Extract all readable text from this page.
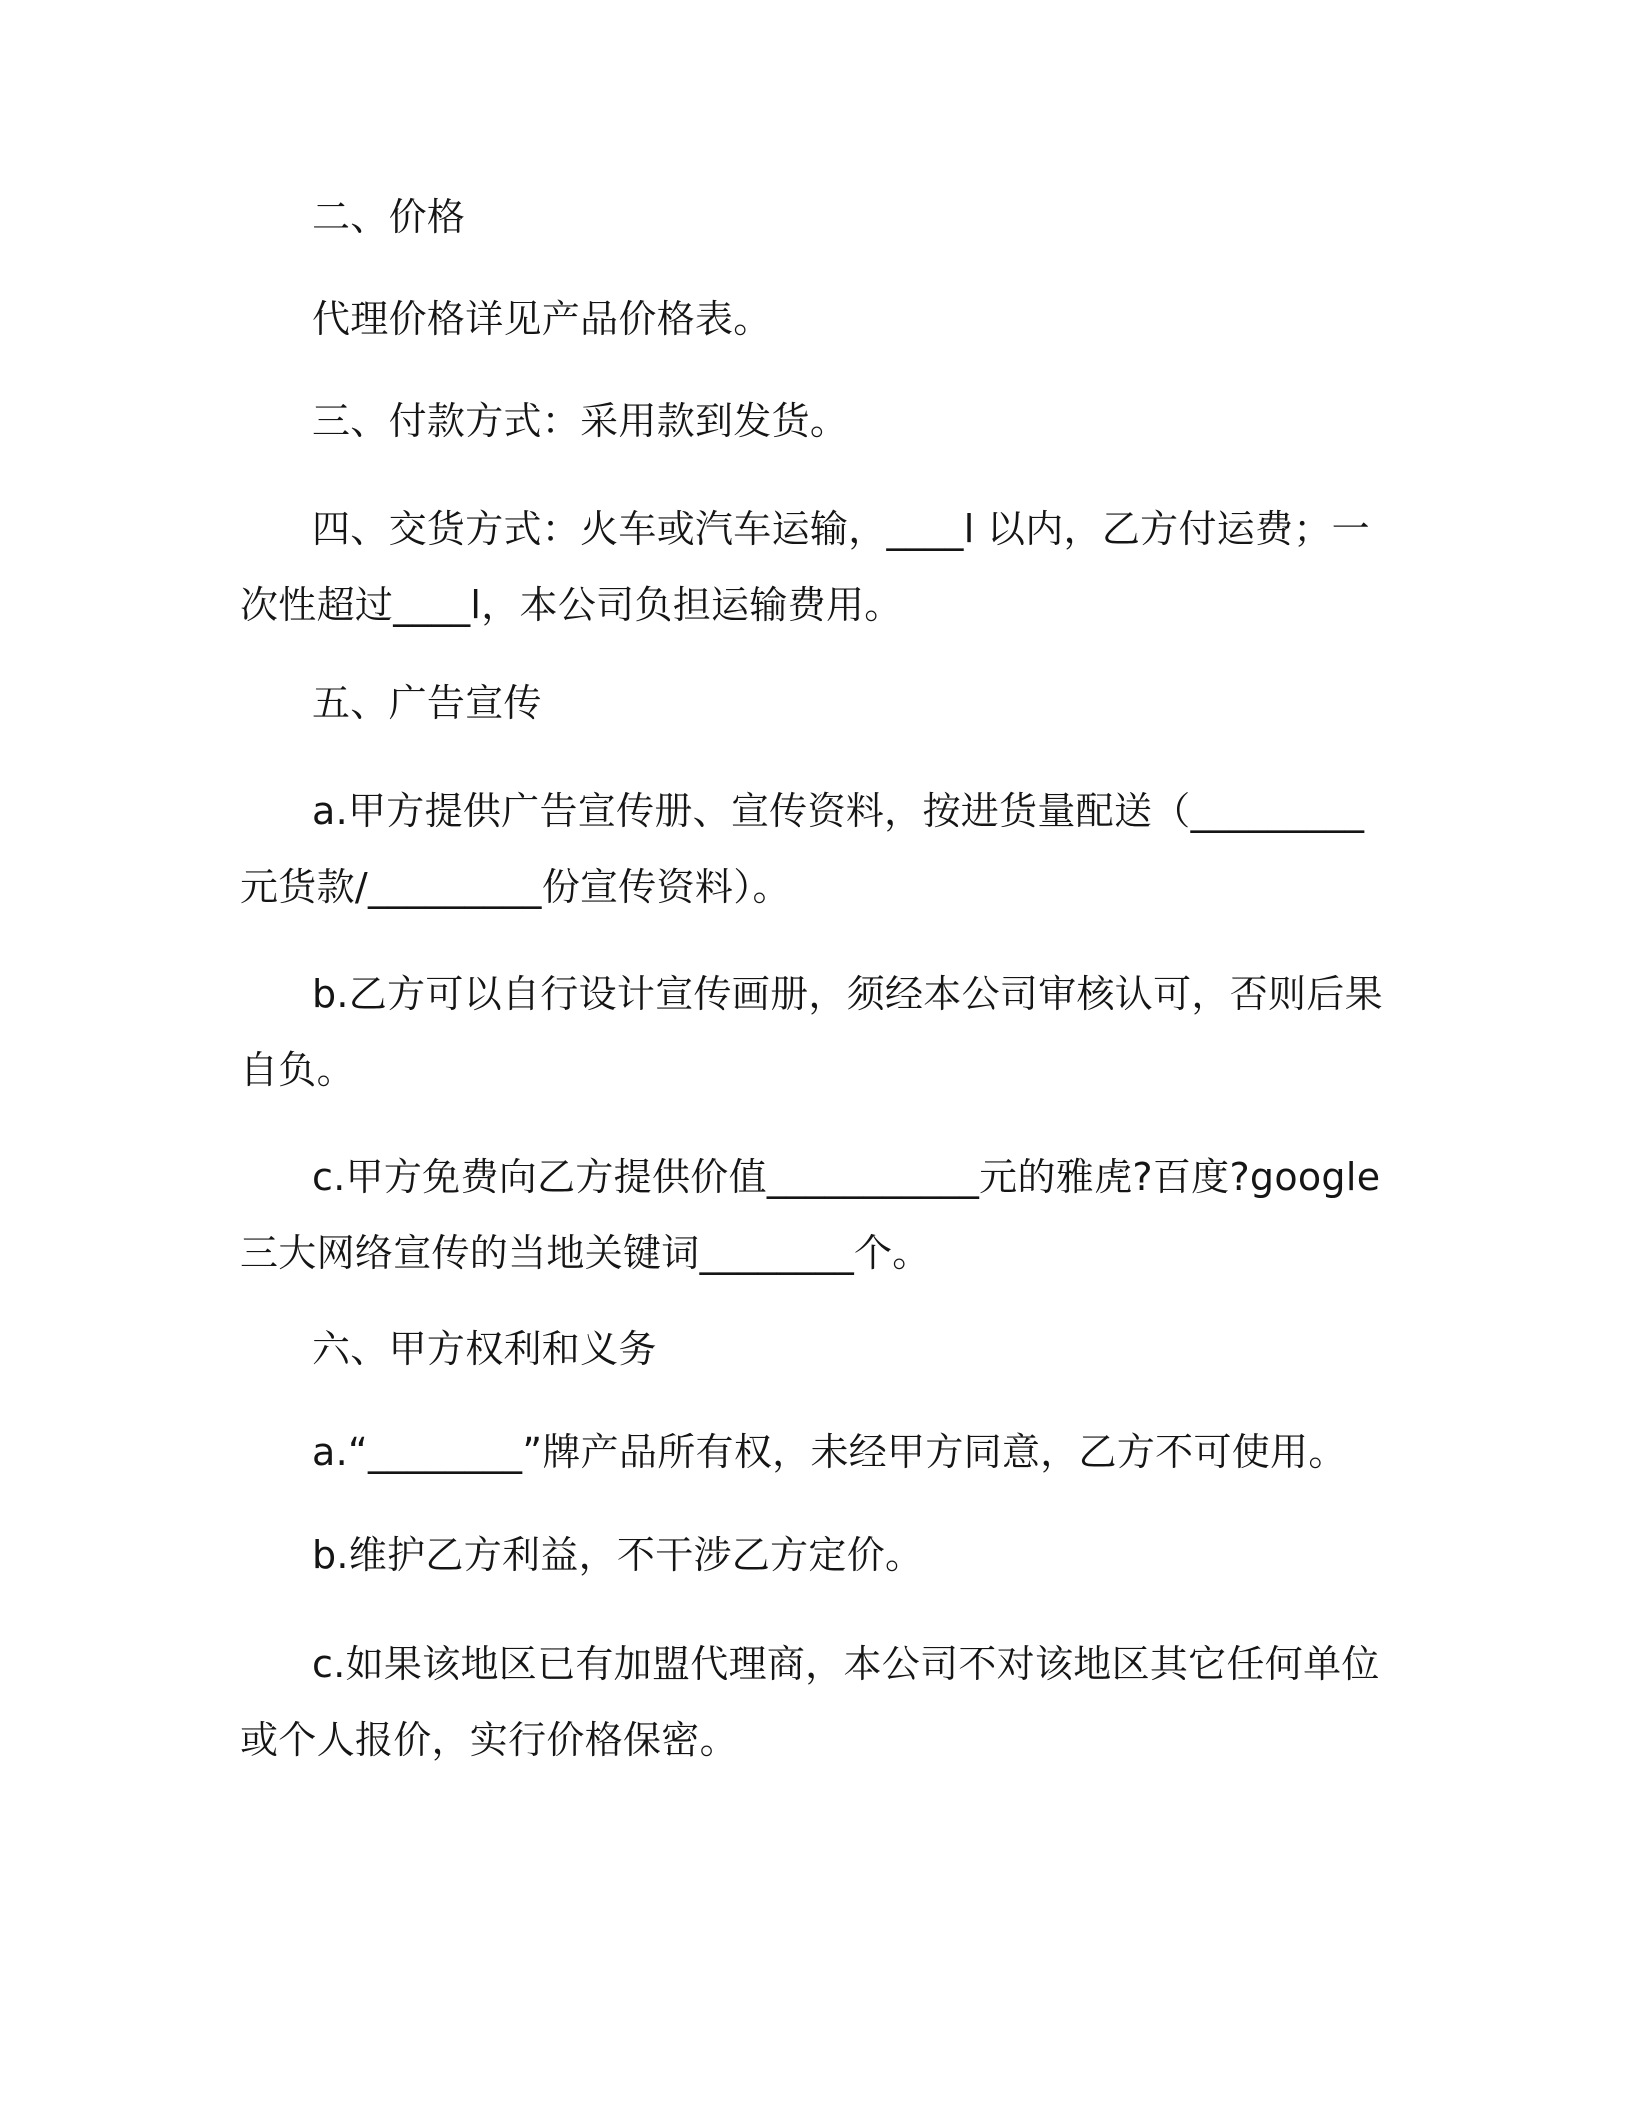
二、价格

代理价格详见产品价格表。

三、付款方式：采用款到发货。

四、交货方式：火车或汽车运输，____l 以内，乙方付运费；一次性超过____l，本公司负担运输费用。

五、广告宣传

a.甲方提供广告宣传册、宣传资料，按进货量配送（_________元货款/_________份宣传资料）。

b.乙方可以自行设计宣传画册，须经本公司审核认可，否则后果自负。

c.甲方免费向乙方提供价值___________元的雅虎?百度?google三大网络宣传的当地关键词________个。

六、甲方权利和义务

a.“________”牌产品所有权，未经甲方同意，乙方不可使用。

b.维护乙方利益，不干涉乙方定价。

c.如果该地区已有加盟代理商，本公司不对该地区其它任何单位或个人报价，实行价格保密。
